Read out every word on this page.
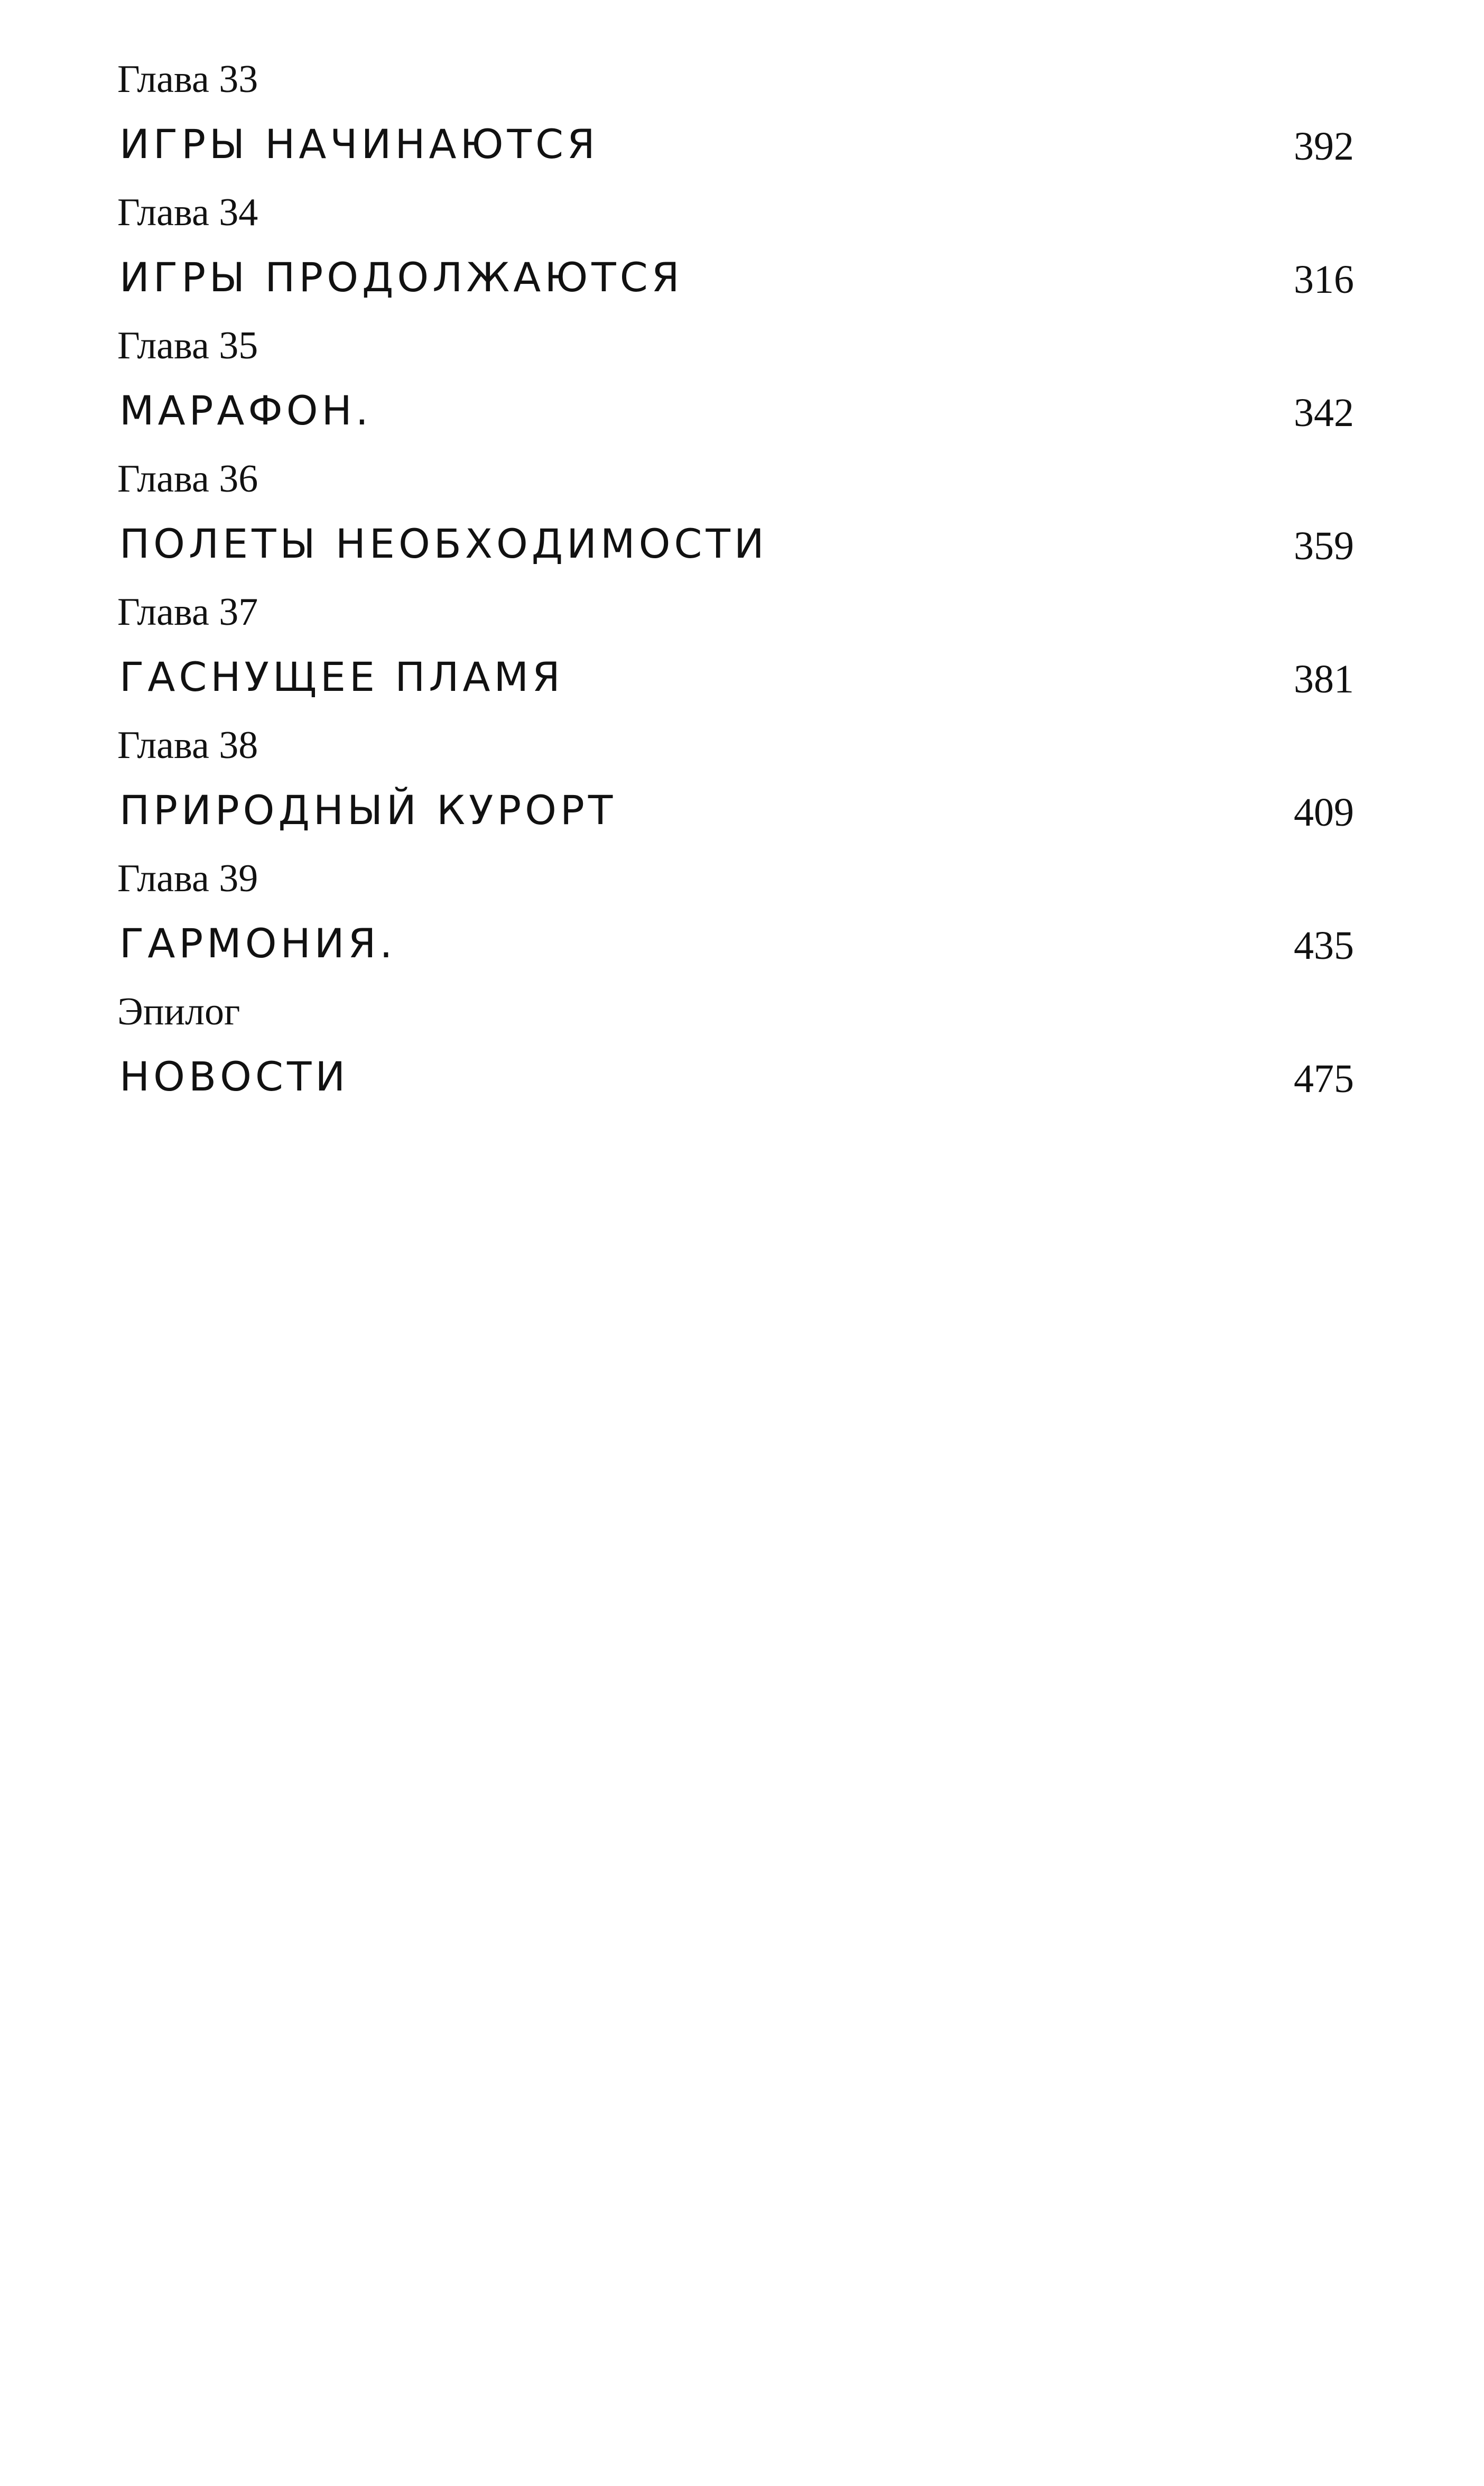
Глава 33
ИГРЫ НАЧИНАЮТСЯ	392
Глава 34
ИГРЫ ПРОДОЛЖАЮТСЯ	316
Глава 35
МАРАФОН.	342
Глава 36
ПОЛЕТЫ НЕОБХОДИМОСТИ	359
Глава 37
ГАСНУЩЕЕ ПЛАМЯ	381
Глава 38
ПРИРОДНЫЙ КУРОРТ	409
Глава 39
ГАРМОНИЯ.	435
Эпилог
НОВОСТИ	475
